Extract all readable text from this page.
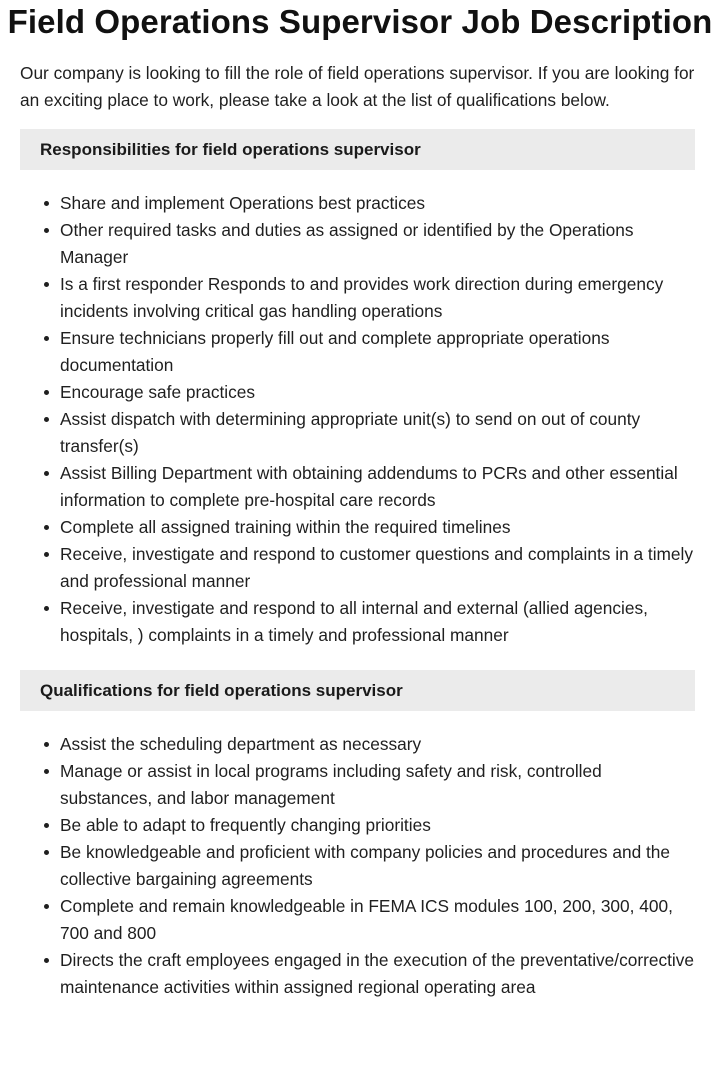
Field Operations Supervisor Job Description

Our company is looking to fill the role of field operations supervisor. If you are looking for an exciting place to work, please take a look at the list of qualifications below.

Responsibilities for field operations supervisor
Share and implement Operations best practices
Other required tasks and duties as assigned or identified by the Operations Manager
Is a first responder Responds to and provides work direction during emergency incidents involving critical gas handling operations
Ensure technicians properly fill out and complete appropriate operations documentation
Encourage safe practices
Assist dispatch with determining appropriate unit(s) to send on out of county transfer(s)
Assist Billing Department with obtaining addendums to PCRs and other essential information to complete pre-hospital care records
Complete all assigned training within the required timelines
Receive, investigate and respond to customer questions and complaints in a timely and professional manner
Receive, investigate and respond to all internal and external (allied agencies, hospitals, ) complaints in a timely and professional manner
Qualifications for field operations supervisor
Assist the scheduling department as necessary
Manage or assist in local programs including safety and risk, controlled substances, and labor management
Be able to adapt to frequently changing priorities
Be knowledgeable and proficient with company policies and procedures and the collective bargaining agreements
Complete and remain knowledgeable in FEMA ICS modules 100, 200, 300, 400, 700 and 800
Directs the craft employees engaged in the execution of the preventative/corrective maintenance activities within assigned regional operating area
